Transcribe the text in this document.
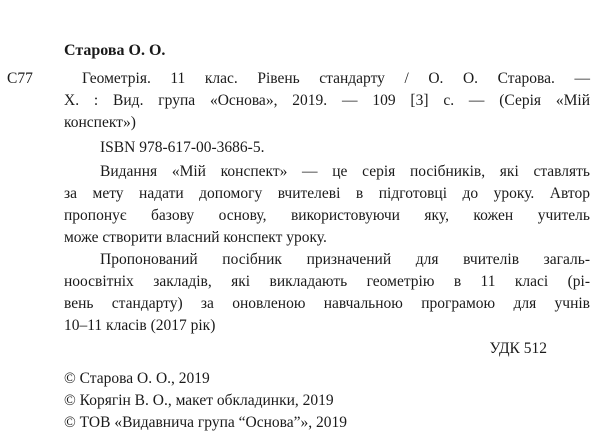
Старова О. О.
С77	Геометрія. 11 клас. Рівень стандарту / О. О. Старова. —
Х. : Вид. група «Основа», 2019. — 109 [3] с. — (Серія «Мій
конспект»)
ISBN 978-617-00-3686-5.
Видання «Мій конспект» — це серія посібників, які ставлять
за мету надати допомогу вчителеві в підготовці до уроку. Автор
пропонує базову основу, використовуючи яку, кожен учитель
може створити власний конспект уроку.
Пропонований посібник призначений для вчителів загаль-
ноосвітніх закладів, які викладають геометрію в 11 класі (рі-
вень стандарту) за оновленою навчальною програмою для учнів
10–11 класів (2017 рік)
УДК 512
© Старова О. О., 2019
© Корягін В. О., макет обкладинки, 2019
© ТОВ «Видавнича група “Основа”», 2019
